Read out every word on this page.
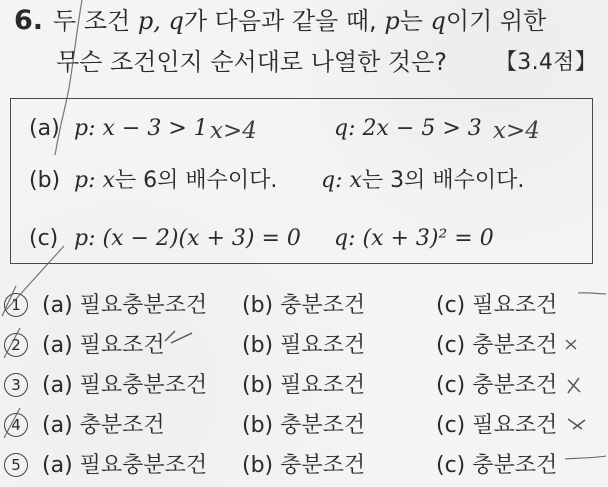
6. 두 조건 p, q가 다음과 같을 때, p는 q이기 위한
무슨 조건인지 순서대로 나열한 것은? 【3.4점】
(a) p: x − 3 > 1	q: 2x − 5 > 3
(b) p: x는 6의 배수이다. q: x는 3의 배수이다.
(c) p: (x − 2)(x + 3) = 0 q: (x + 3)² = 0
1 (a) 필요충분조건 (b) 충분조건	(c) 필요조건
2 (a) 필요조건	(b) 필요조건	(c) 충분조건
3 (a) 필요충분조건 (b) 필요조건	(c) 충분조건
4 (a) 충분조건	(b) 충분조건	(c) 필요조건
5 (a) 필요충분조건 (b) 충분조건	(c) 충분조건
x>4	x>4
